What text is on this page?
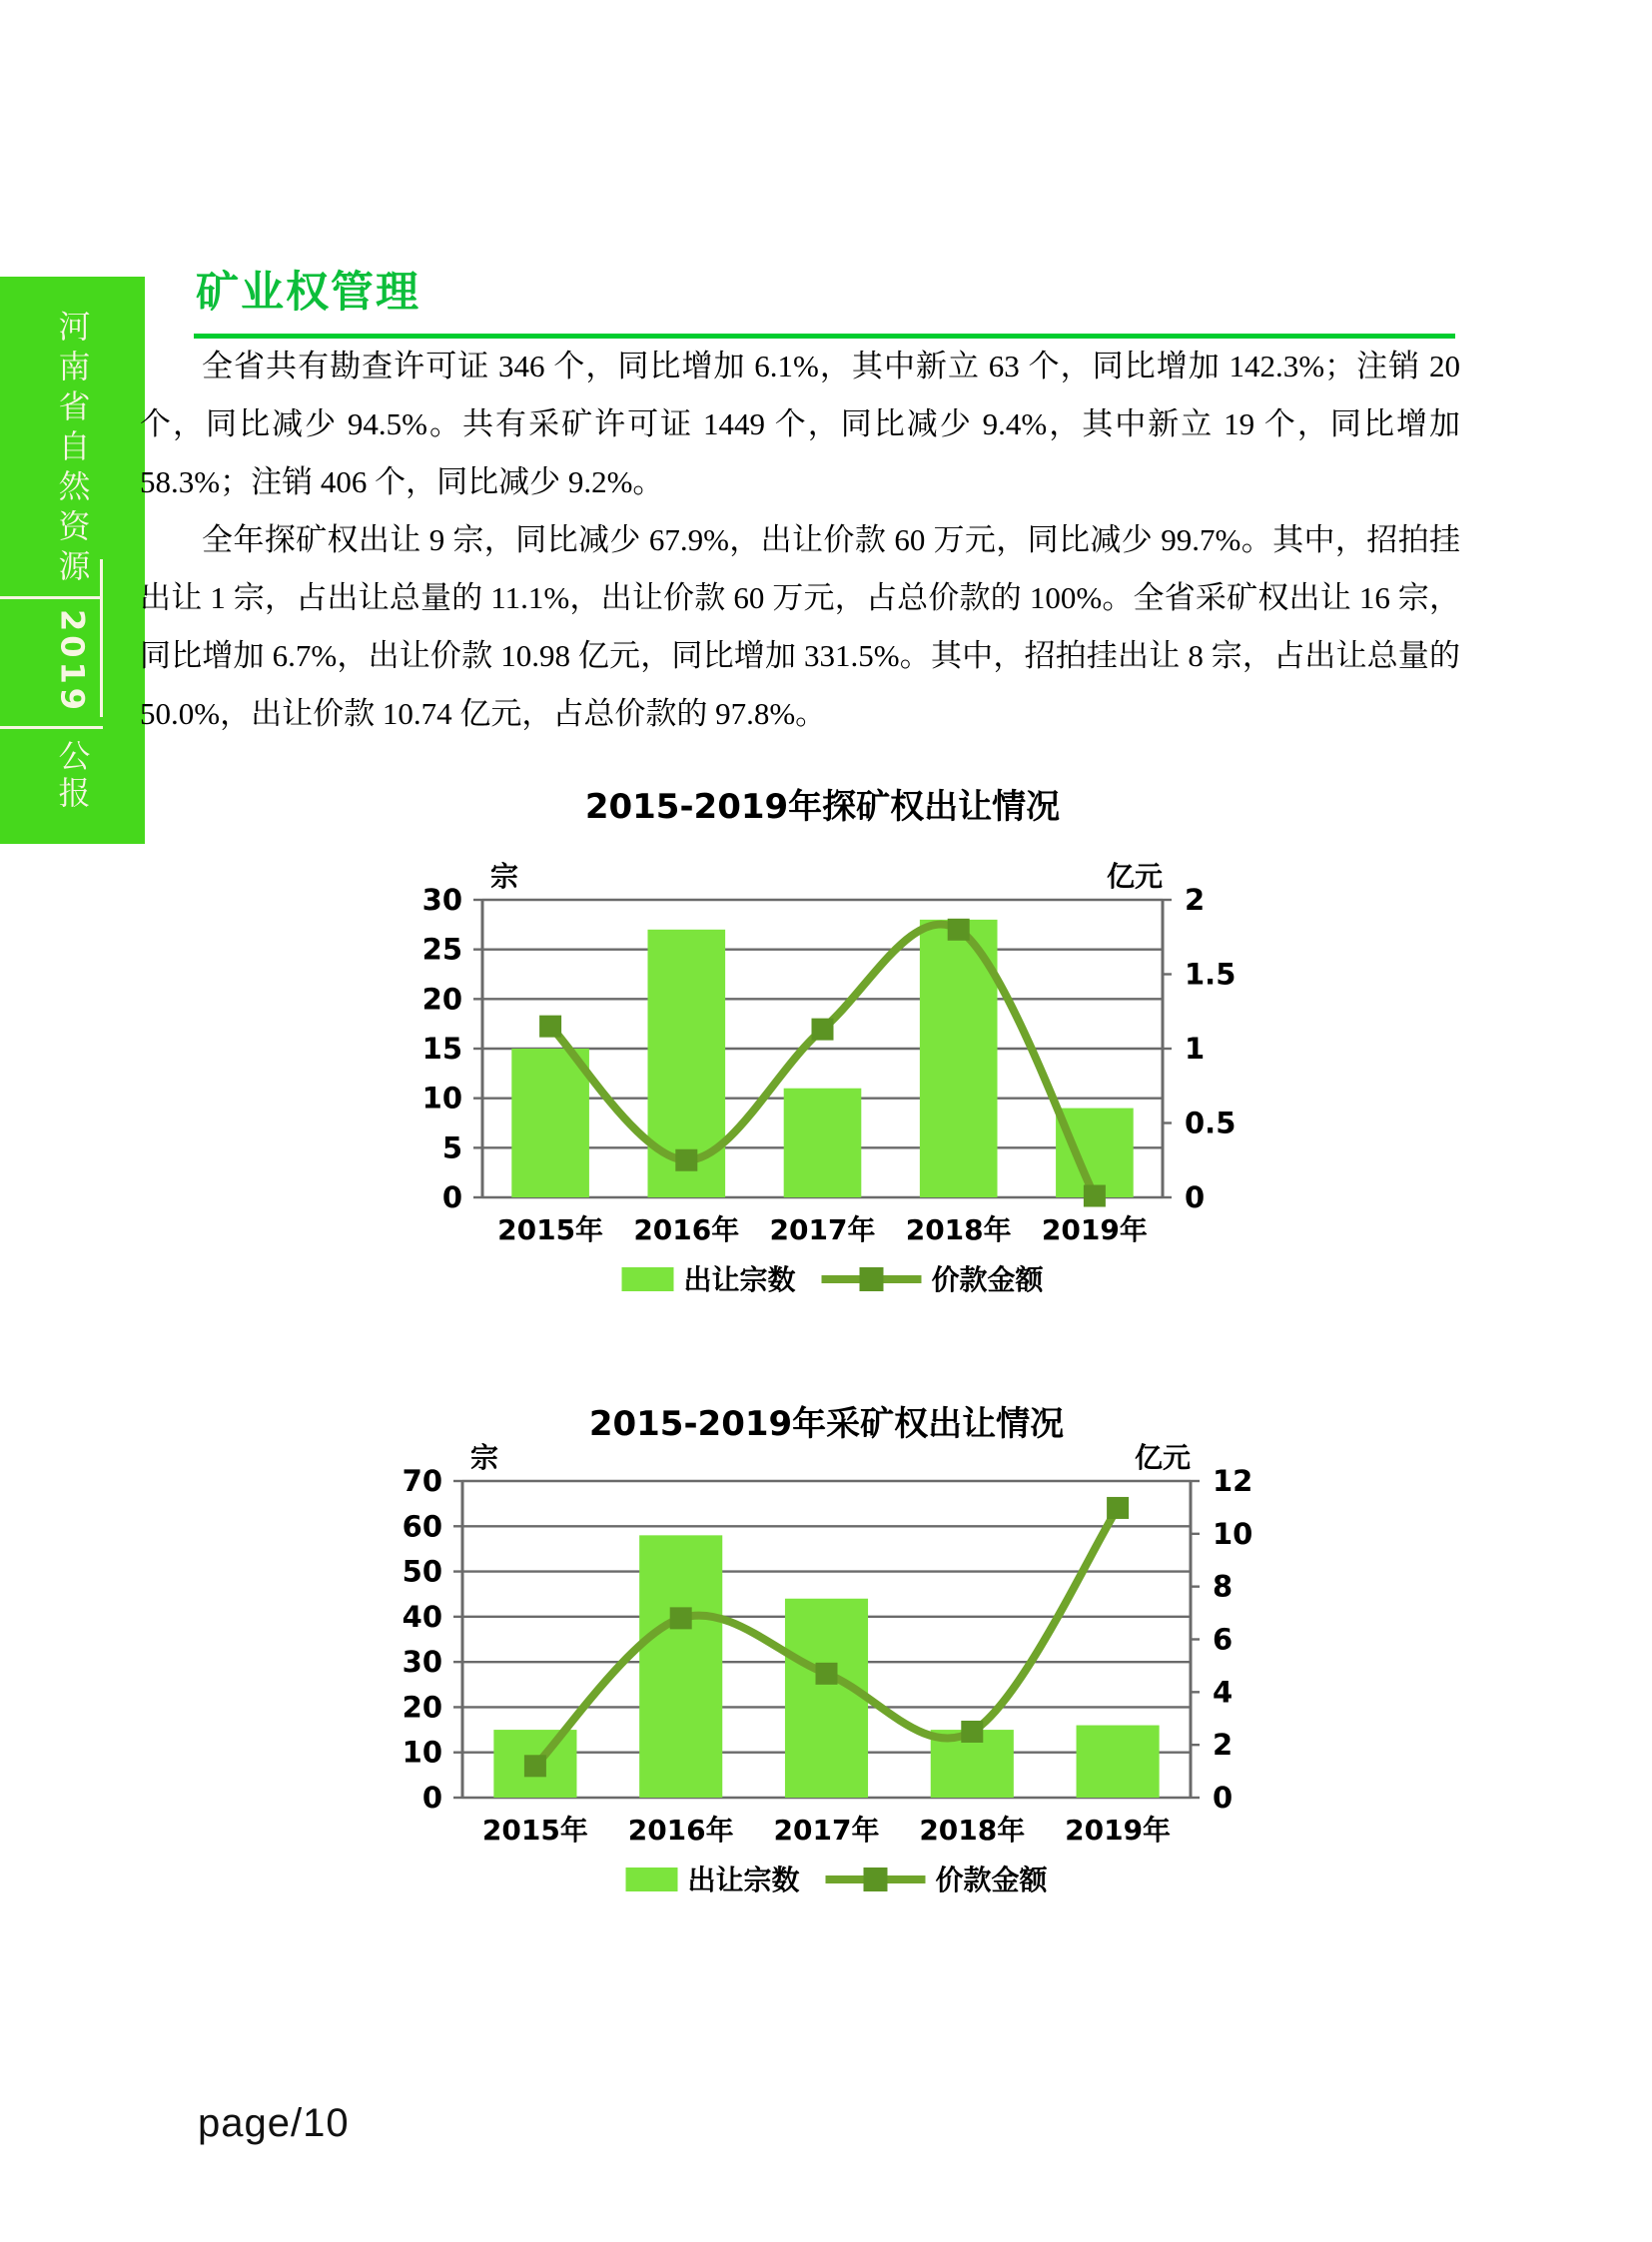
河南省自然资源
2019
公报
矿业权管理

全省共有勘查许可证 346 个，同比增加 6.1%，其中新立 63 个，同比增加 142.3%；注销 20 个，同比减少 94.5%。共有采矿许可证 1449 个，同比减少 9.4%，其中新立 19 个，同比增加 58.3%；注销 406 个，同比减少 9.2%。

全年探矿权出让 9 宗，同比减少 67.9%，出让价款 60 万元，同比减少 99.7%。其中，招拍挂出让 1 宗，占出让总量的 11.1%，出让价款 60 万元，占总价款的 100%。全省采矿权出让 16 宗，同比增加 6.7%，出让价款 10.98 亿元，同比增加 331.5%。其中，招拍挂出让 8 宗，占出让总量的 50.0%，出让价款 10.74 亿元，占总价款的 97.8%。

2015-2019年探矿权出让情况
0
5
10
15
20
25
30
0
0.5
1
1.5
2
宗	亿元
2015年 2016年 2017年 2018年 2019年
出让宗数	价款金额
2015-2019年采矿权出让情况
0
10
20
30
40
50
60
70
0
2
4
6
8
10
12
宗	亿元
2015年 2016年 2017年 2018年 2019年
出让宗数	价款金额
page/10
